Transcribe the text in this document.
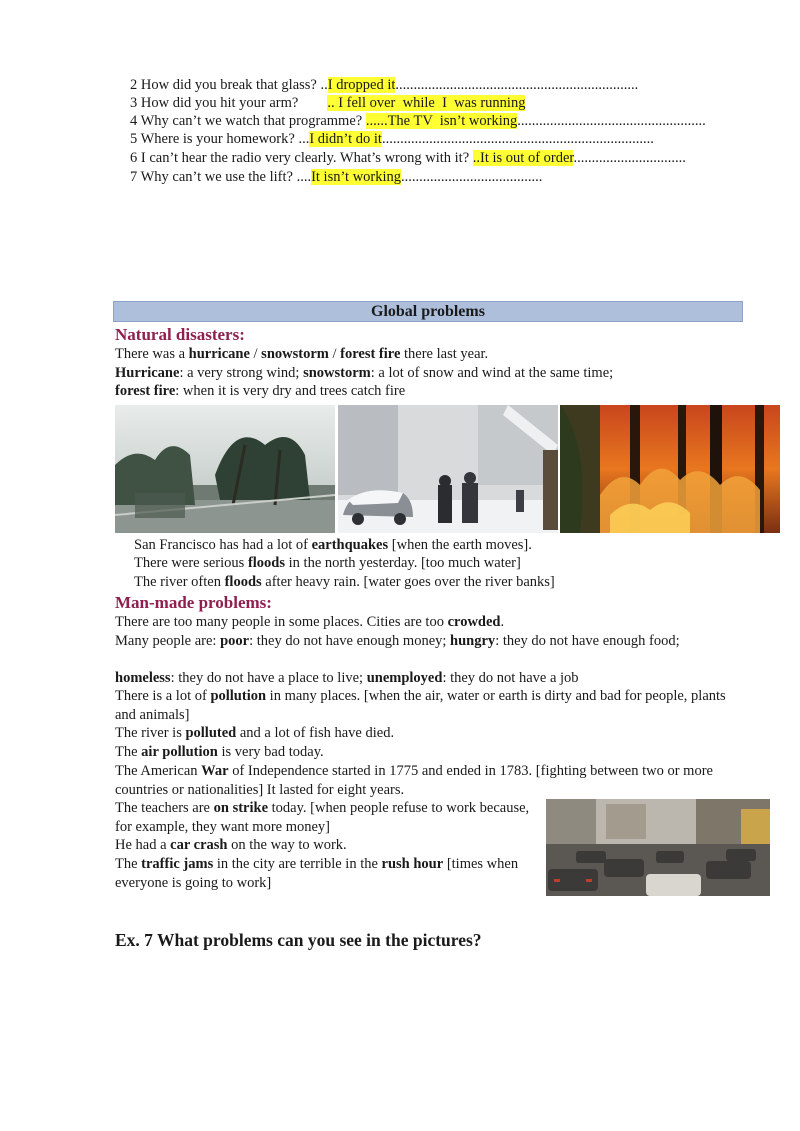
2 How did you break that glass? ..I dropped it...................................................................
3 How did you hit your arm?        .. I fell over  while  I  was running
4 Why can’t we watch that programme? ......The TV  isn’t working....................................................
5 Where is your homework? ...I didn’t do it...........................................................................
6 I can’t hear the radio very clearly. What’s wrong with it? ..It is out of order...............................
7 Why can’t we use the lift? ....It isn’t working.......................................
Global problems
Natural disasters:
There was a hurricane / snowstorm / forest fire there last year.
Hurricane: a very strong wind; snowstorm: a lot of snow and wind at the same time;
forest fire: when it is very dry and trees catch fire
San Francisco has had a lot of earthquakes [when the earth moves].
There were serious floods in the north yesterday. [too much water]
The river often floods after heavy rain. [water goes over the river banks]
Man-made problems:
There are too many people in some places. Cities are too crowded.
Many people are: poor: they do not have enough money; hungry: they do not have enough food;
homeless: they do not have a place to live; unemployed: they do not have a job
There is a lot of pollution in many places. [when the air, water or earth is dirty and bad for people, plants and animals]
The river is polluted and a lot of fish have died.
The air pollution is very bad today.
The American War of Independence started in 1775 and ended in 1783. [fighting between two or more countries or nationalities] It lasted for eight years.
The teachers are on strike today. [when people refuse to work because, for example, they want more money]
He had a car crash on the way to work.
The traffic jams in the city are terrible in the rush hour [times when everyone is going to work]
Ex. 7 What problems can you see in the pictures?
